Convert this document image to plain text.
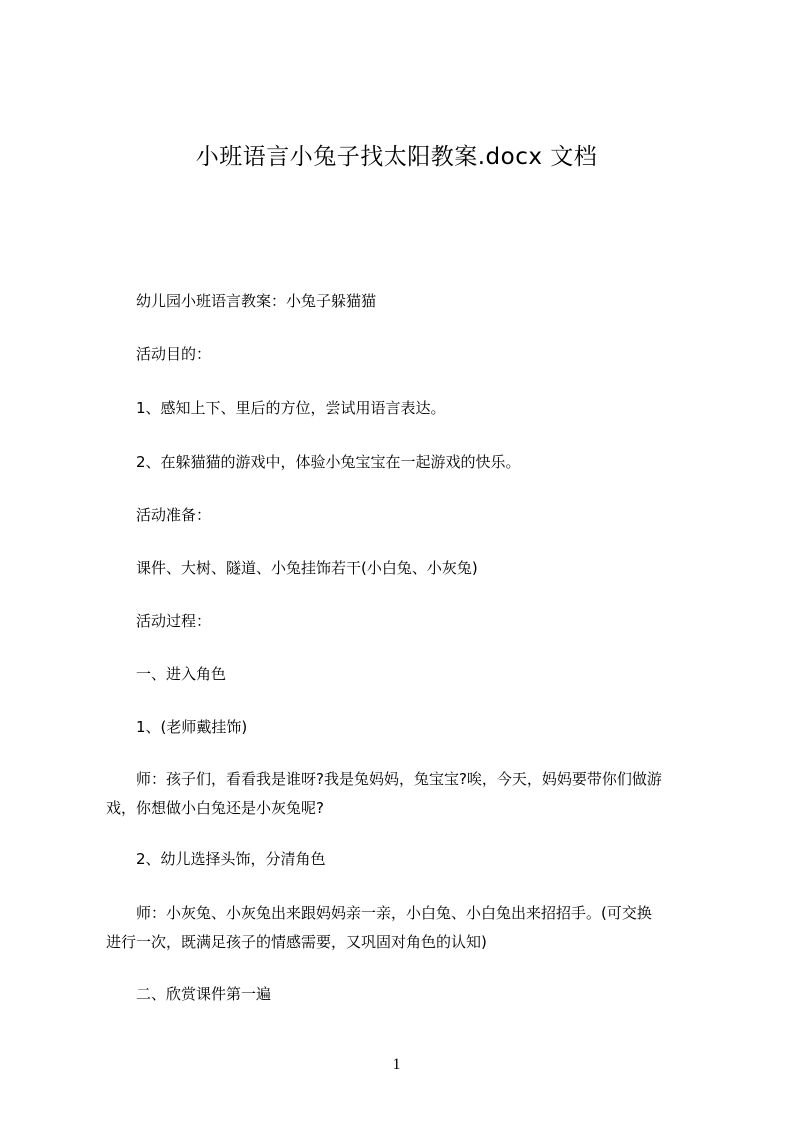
小班语言小兔子找太阳教案.docx 文档
幼儿园小班语言教案：小兔子躲猫猫
活动目的：
1、感知上下、里后的方位，尝试用语言表达。
2、在躲猫猫的游戏中，体验小兔宝宝在一起游戏的快乐。
活动准备：
课件、大树、隧道、小兔挂饰若干(小白兔、小灰兔)
活动过程：
一、进入角色
1、(老师戴挂饰)
师：孩子们，看看我是谁呀?我是兔妈妈，兔宝宝?唉，今天，妈妈要带你们做游
戏，你想做小白兔还是小灰兔呢?
2、幼儿选择头饰，分清角色
师：小灰兔、小灰兔出来跟妈妈亲一亲，小白兔、小白兔出来招招手。(可交换
进行一次，既满足孩子的情感需要，又巩固对角色的认知)
二、欣赏课件第一遍
1
